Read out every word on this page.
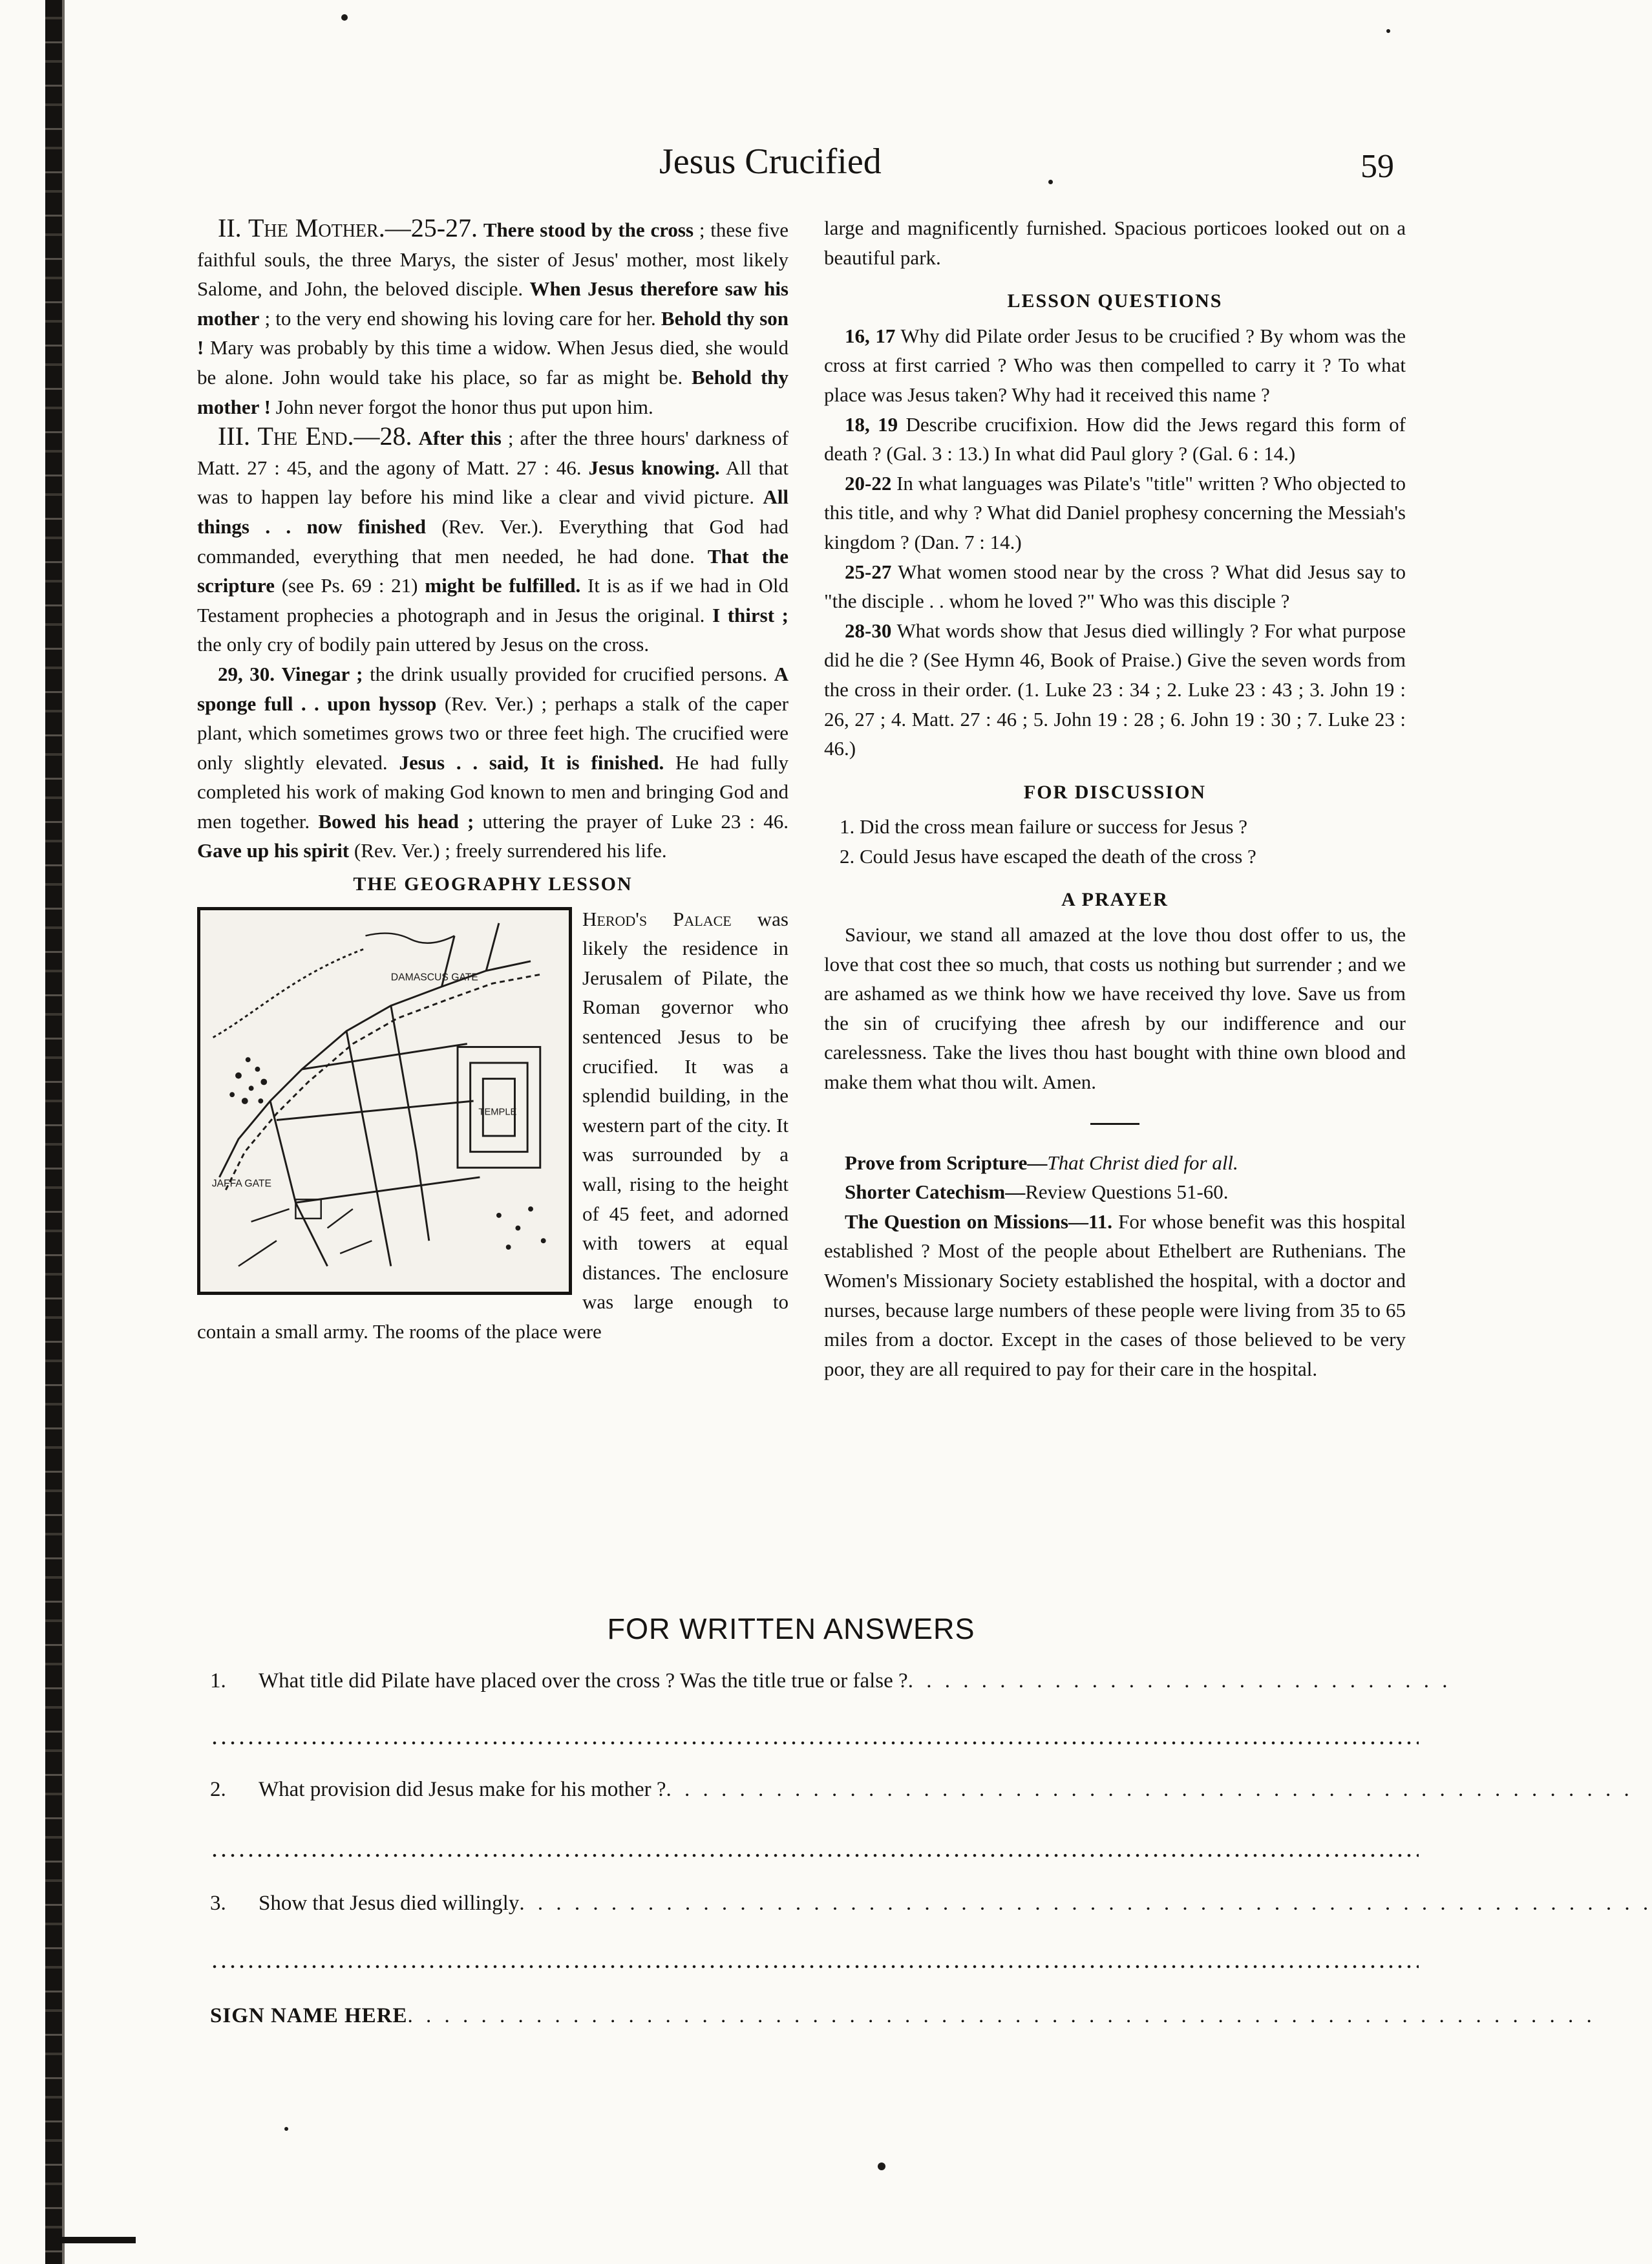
Jesus Crucified	59

II. The Mother.—25-27. There stood by the cross ; these five faithful souls, the three Marys, the sister of Jesus' mother, most likely Salome, and John, the beloved disciple. When Jesus therefore saw his mother ; to the very end showing his loving care for her. Behold thy son ! Mary was probably by this time a widow. When Jesus died, she would be alone. John would take his place, so far as might be. Behold thy mother ! John never forgot the honor thus put upon him.

III. The End.—28. After this ; after the three hours' darkness of Matt. 27 : 45, and the agony of Matt. 27 : 46. Jesus knowing. All that was to happen lay before his mind like a clear and vivid picture. All things . . now finished (Rev. Ver.). Everything that God had commanded, everything that men needed, he had done. That the scripture (see Ps. 69 : 21) might be fulfilled. It is as if we had in Old Testament prophecies a photograph and in Jesus the original. I thirst ; the only cry of bodily pain uttered by Jesus on the cross.

29, 30. Vinegar ; the drink usually provided for crucified persons. A sponge full . . upon hyssop (Rev. Ver.) ; perhaps a stalk of the caper plant, which sometimes grows two or three feet high. The crucified were only slightly elevated. Jesus . . said, It is finished. He had fully completed his work of making God known to men and bringing God and men together. Bowed his head ; uttering the prayer of Luke 23 : 46. Gave up his spirit (Rev. Ver.) ; freely surrendered his life.

THE GEOGRAPHY LESSON
DAMASCUS GATE
JAFFA GATE
TEMPLE

Herod's Palace was likely the residence in Jerusalem of Pilate, the Roman governor who sentenced Jesus to be crucified. It was a splendid building, in the western part of the city. It was surrounded by a wall, rising to the height of 45 feet, and adorned with towers at equal distances. The enclosure was large enough to contain a small army. The rooms of the place were

large and magnificently furnished. Spacious porticoes looked out on a beautiful park.

LESSON QUESTIONS

16, 17 Why did Pilate order Jesus to be crucified ? By whom was the cross at first carried ? Who was then compelled to carry it ? To what place was Jesus taken? Why had it received this name ?

18, 19 Describe crucifixion. How did the Jews regard this form of death ? (Gal. 3 : 13.) In what did Paul glory ? (Gal. 6 : 14.)

20-22 In what languages was Pilate's "title" written ? Who objected to this title, and why ? What did Daniel prophesy concerning the Messiah's kingdom ? (Dan. 7 : 14.)

25-27 What women stood near by the cross ? What did Jesus say to "the disciple . . whom he loved ?" Who was this disciple ?

28-30 What words show that Jesus died willingly ? For what purpose did he die ? (See Hymn 46, Book of Praise.) Give the seven words from the cross in their order. (1. Luke 23 : 34 ; 2. Luke 23 : 43 ; 3. John 19 : 26, 27 ; 4. Matt. 27 : 46 ; 5. John 19 : 28 ; 6. John 19 : 30 ; 7. Luke 23 : 46.)

FOR DISCUSSION

1. Did the cross mean failure or success for Jesus ?

2. Could Jesus have escaped the death of the cross ?

A PRAYER

Saviour, we stand all amazed at the love thou dost offer to us, the love that cost thee so much, that costs us nothing but surrender ; and we are ashamed as we think how we have received thy love. Save us from the sin of crucifying thee afresh by our indifference and our carelessness. Take the lives thou hast bought with thine own blood and make them what thou wilt. Amen.

Prove from Scripture—That Christ died for all.

Shorter Catechism—Review Questions 51-60.

The Question on Missions—11. For whose benefit was this hospital established ? Most of the people about Ethelbert are Ruthenians. The Women's Missionary Society established the hospital, with a doctor and nurses, because large numbers of these people were living from 35 to 65 miles from a doctor. Except in the cases of those believed to be very poor, they are all required to pay for their care in the hospital.

FOR WRITTEN ANSWERS
1. What title did Pilate have placed over the cross ? Was the title true or false ?. . . . . . . . . . . . . . . . . . . . . . . . . . . . . .
2. What provision did Jesus make for his mother ?. . . . . . . . . . . . . . . . . . . . . . . . . . . . . . . . . . . . . . . . . . . . . . . . . . . . .
3. Show that Jesus died willingly. . . . . . . . . . . . . . . . . . . . . . . . . . . . . . . . . . . . . . . . . . . . . . . . . . . . . . . . . . . . . .
SIGN NAME HERE. . . . . . . . . . . . . . . . . . . . . . . . . . . . . . . . . . . . . . . . . . . . . . . . . . . . . . . . . . . . . . . . .
